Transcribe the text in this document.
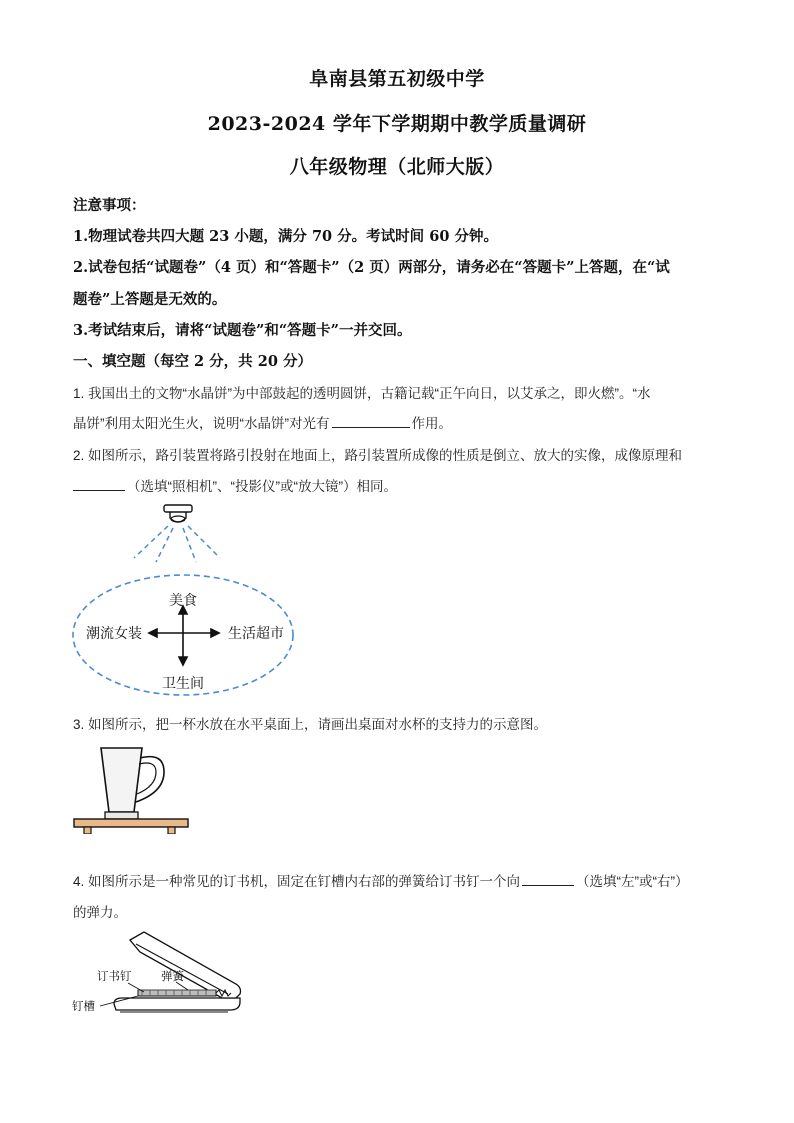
阜南县第五初级中学
2023-2024 学年下学期期中教学质量调研
八年级物理（北师大版）
注意事项：
1.物理试卷共四大题 23 小题，满分 70 分。考试时间 60 分钟。
2.试卷包括“试题卷”（4 页）和“答题卡”（2 页）两部分，请务必在“答题卡”上答题，在“试
题卷”上答题是无效的。
3.考试结束后，请将“试题卷”和“答题卡”一并交回。
一、填空题（每空 2 分，共 20 分）
1. 我国出土的文物“水晶饼”为中部鼓起的透明圆饼，古籍记载“正午向日，以艾承之，即火燃”。“水
晶饼”利用太阳光生火，说明“水晶饼”对光有	作用。
2. 如图所示，路引装置将路引投射在地面上，路引装置所成像的性质是倒立、放大的实像，成像原理和
（选填“照相机”、“投影仪”或“放大镜”）相同。
美食
潮流女装	生活超市
卫生间
3. 如图所示，把一杯水放在水平桌面上，请画出桌面对水杯的支持力的示意图。
4. 如图所示是一种常见的订书机，固定在钉槽内右部的弹簧给订书钉一个向	（选填“左”或“右”）
的弹力。
订书钉	弹簧
钉槽
